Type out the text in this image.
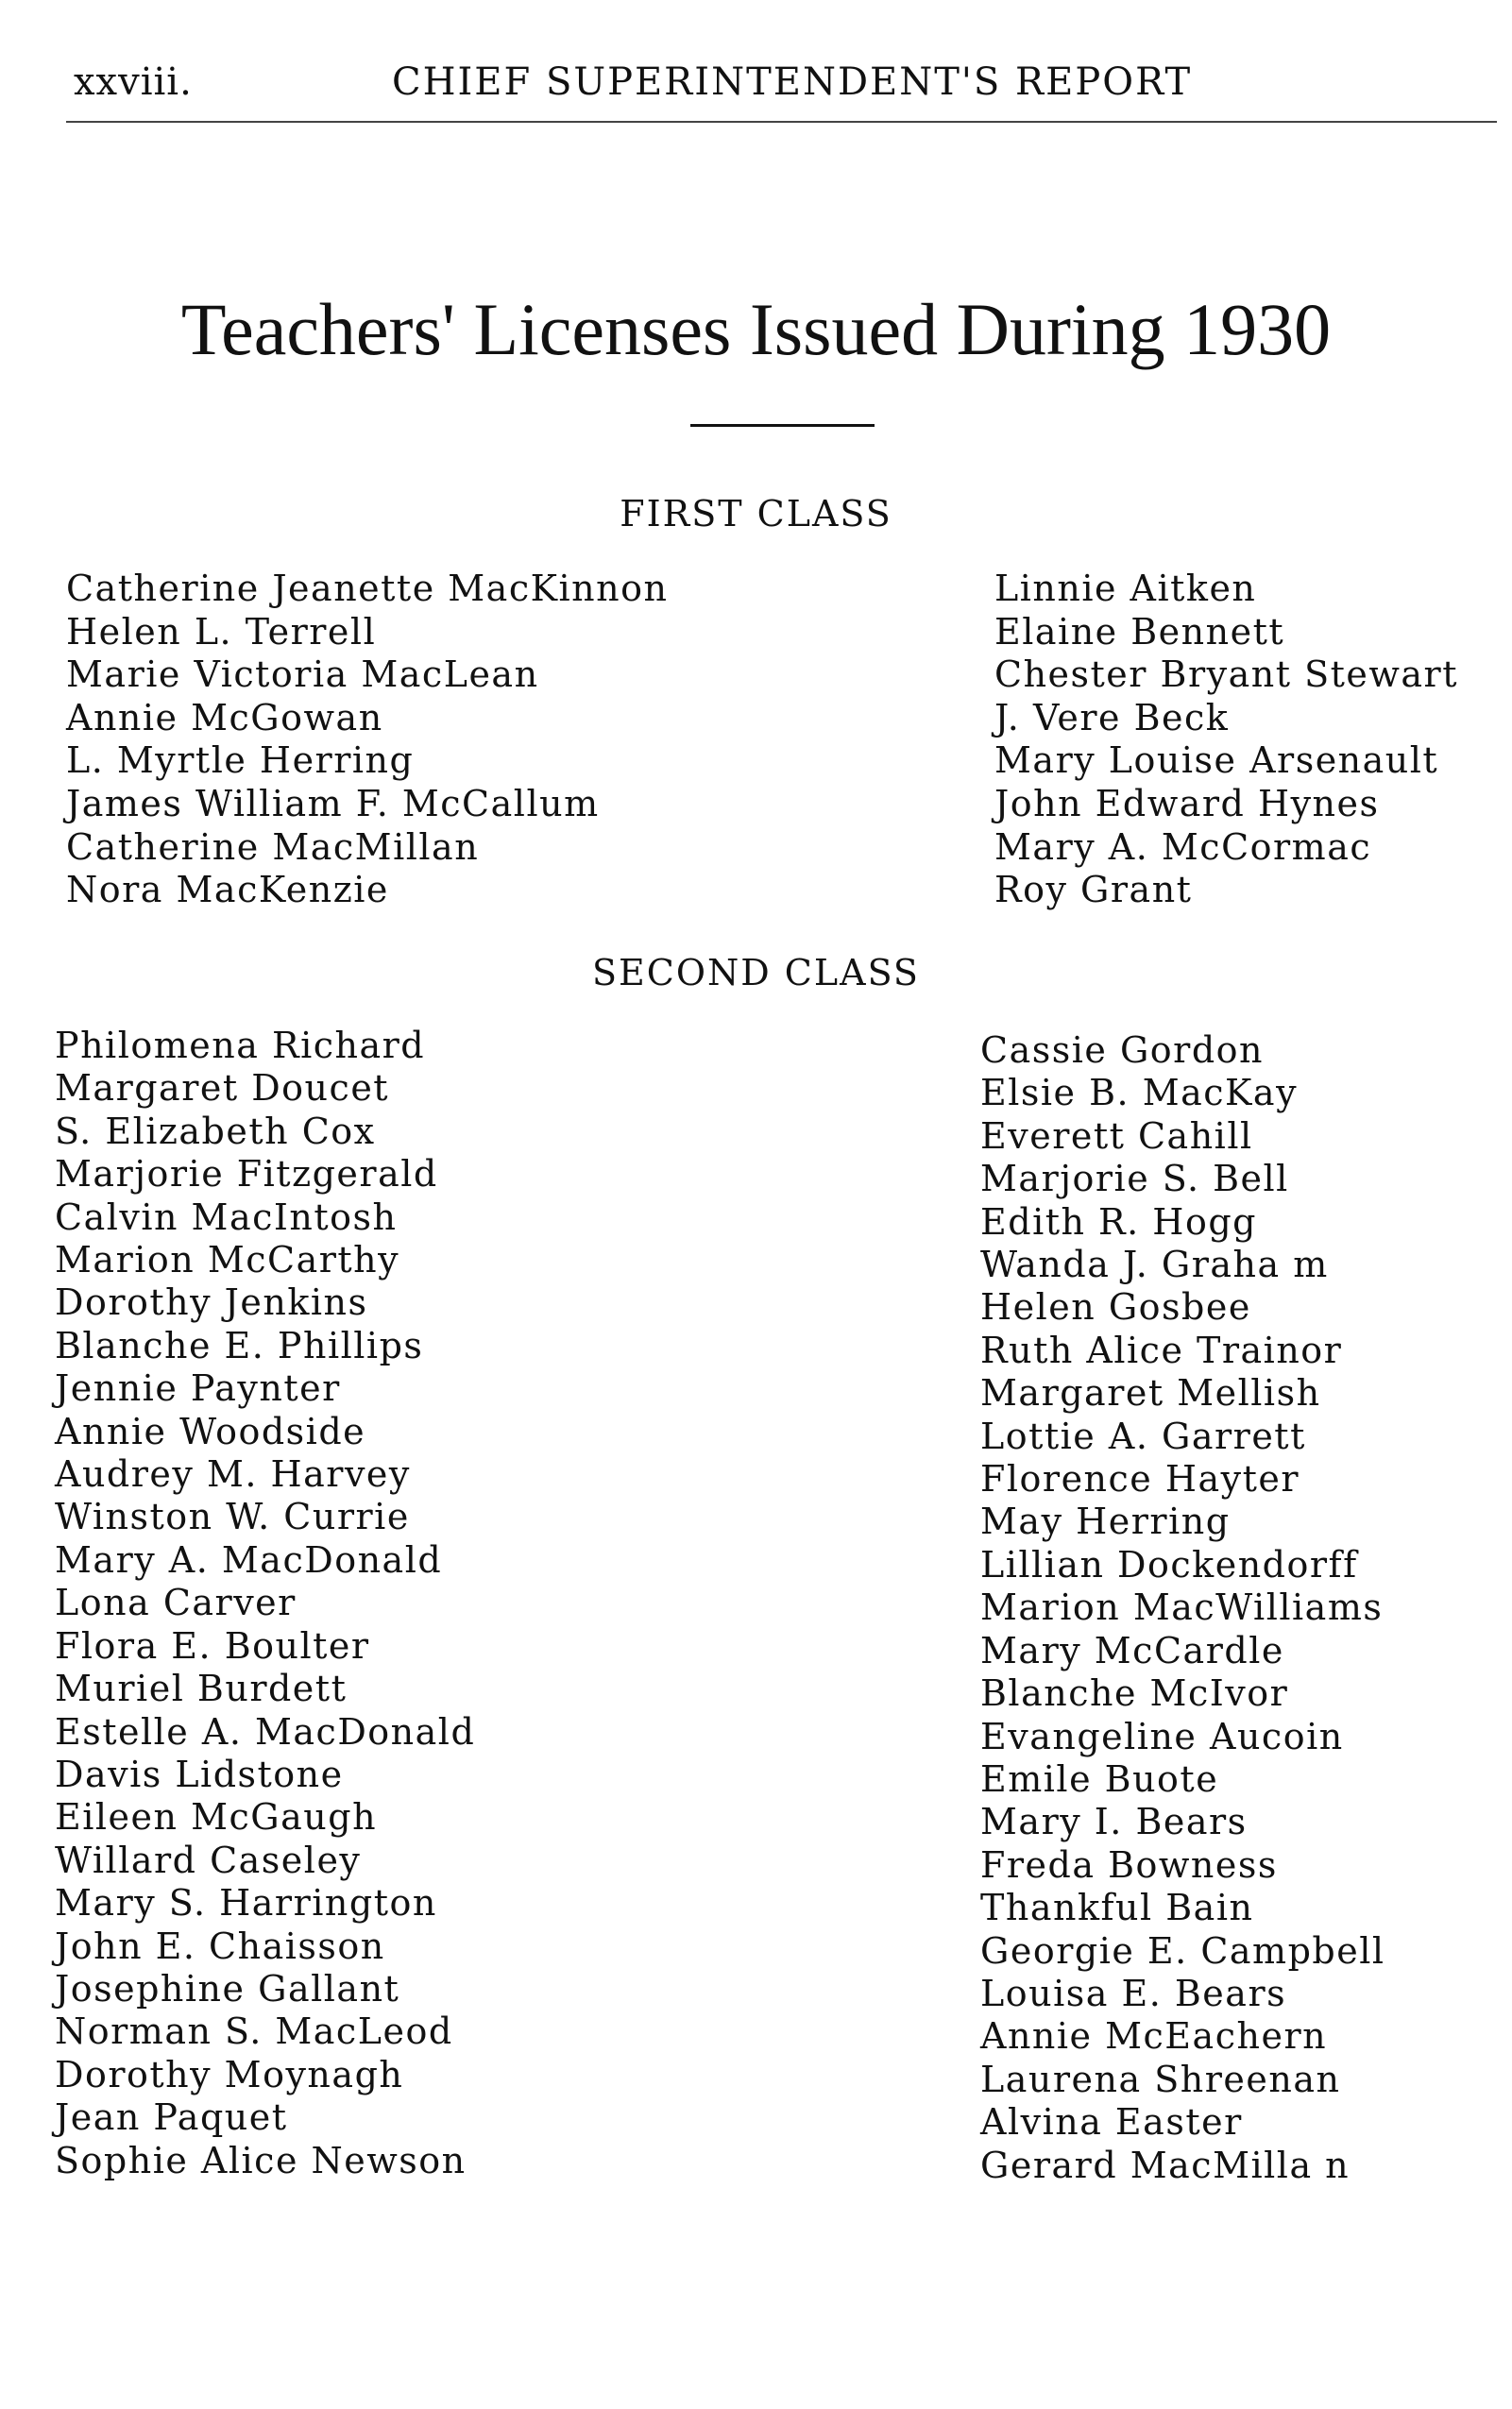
xxviii.	CHIEF SUPERINTENDENT'S REPORT
Teachers' Licenses Issued During 1930
FIRST CLASS
Catherine Jeanette MacKinnon
Helen L. Terrell
Marie Victoria MacLean
Annie McGowan
L. Myrtle Herring
James William F. McCallum
Catherine MacMillan
Nora MacKenzie
Linnie Aitken
Elaine Bennett
Chester Bryant Stewart
J. Vere Beck
Mary Louise Arsenault
John Edward Hynes
Mary A. McCormac
Roy Grant
SECOND CLASS
Philomena Richard
Margaret Doucet
S. Elizabeth Cox
Marjorie Fitzgerald
Calvin MacIntosh
Marion McCarthy
Dorothy Jenkins
Blanche E. Phillips
Jennie Paynter
Annie Woodside
Audrey M. Harvey
Winston W. Currie
Mary A. MacDonald
Lona Carver
Flora E. Boulter
Muriel Burdett
Estelle A. MacDonald
Davis Lidstone
Eileen McGaugh
Willard Caseley
Mary S. Harrington
John E. Chaisson
Josephine Gallant
Norman S. MacLeod
Dorothy Moynagh
Jean Paquet
Sophie Alice Newson
Cassie Gordon
Elsie B. MacKay
Everett Cahill
Marjorie S. Bell
Edith R. Hogg
Wanda J. Graha m
Helen Gosbee
Ruth Alice Trainor
Margaret Mellish
Lottie A. Garrett
Florence Hayter
May Herring
Lillian Dockendorff
Marion MacWilliams
Mary McCardle
Blanche McIvor
Evangeline Aucoin
Emile Buote
Mary I. Bears
Freda Bowness
Thankful Bain
Georgie E. Campbell
Louisa E. Bears
Annie McEachern
Laurena Shreenan
Alvina Easter
Gerard MacMilla n
